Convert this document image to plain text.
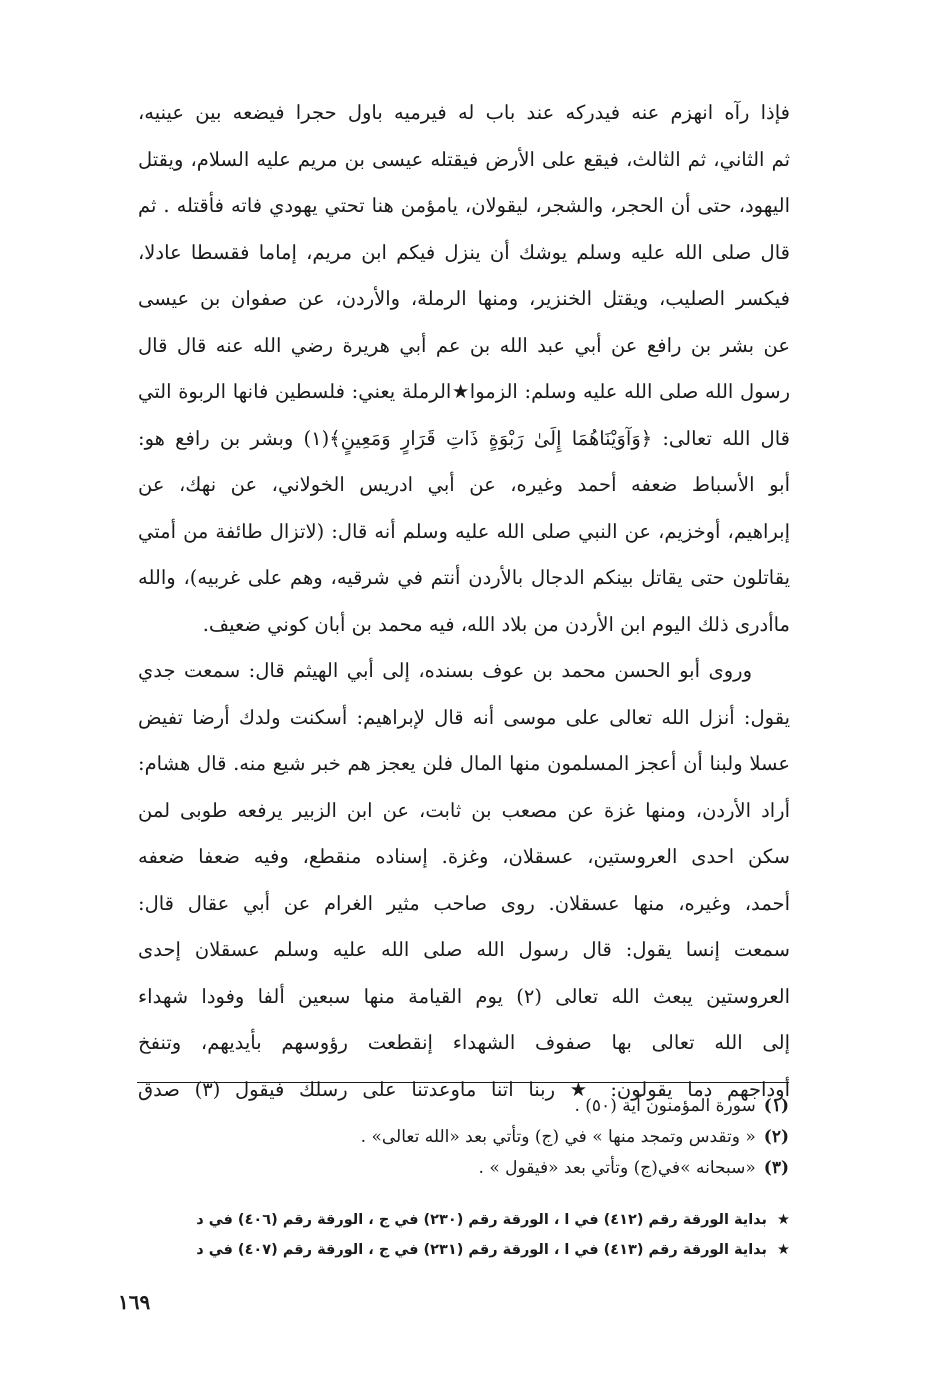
فإذا رآه انهزم عنه فيدركه عند باب له فيرميه باول حجرا فيضعه بين عينيه،
ثم الثاني، ثم الثالث، فيقع على الأرض فيقتله عيسى بن مريم عليه السلام، ويقتل
اليهود، حتى أن الحجر، والشجر، ليقولان، يامؤمن هنا تحتي يهودي فاته فأقتله . ثم
قال صلى الله عليه وسلم يوشك أن ينزل فيكم ابن مريم، إماما فقسطا عادلا،
فيكسر الصليب، ويقتل الخنزير، ومنها الرملة، والأردن، عن صفوان بن عيسى
عن بشر بن رافع عن أبي عبد الله بن عم أبي هريرة رضي الله عنه قال قال
رسول الله صلى الله عليه وسلم: الزموا★الرملة يعني: فلسطين فانها الربوة التي
قال الله تعالى: ﴿وَآوَيْنَاهُمَا إِلَىٰ رَبْوَةٍ ذَاتِ قَرَارٍ وَمَعِينٍ﴾(١) وبشر بن رافع هو:
أبو الأسباط ضعفه أحمد وغيره، عن أبي ادريس الخولاني، عن نهك، عن
إبراهيم، أوخزيم، عن النبي صلى الله عليه وسلم أنه قال: (لاتزال طائفة من أمتي
يقاتلون حتى يقاتل بينكم الدجال بالأردن أنتم في شرقيه، وهم على غربيه)، والله
ماأدرى ذلك اليوم ابن الأردن من بلاد الله، فيه محمد بن أبان كوني ضعيف.
وروى أبو الحسن محمد بن عوف بسنده، إلى أبي الهيثم قال: سمعت جدي
يقول: أنزل الله تعالى على موسى أنه قال لإبراهيم: أسكنت ولدك أرضا تفيض
عسلا ولبنا أن أعجز المسلمون منها المال فلن يعجز هم خبر شيع منه. قال هشام:
أراد الأردن، ومنها غزة عن مصعب بن ثابت، عن ابن الزبير يرفعه طوبى لمن
سكن احدى العروستين، عسقلان، وغزة. إسناده منقطع، وفيه ضعفا ضعفه
أحمد، وغيره، منها عسقلان. روى صاحب مثير الغرام عن أبي عقال قال:
سمعت إنسا يقول: قال رسول الله صلى الله عليه وسلم عسقلان إحدى
العروستين يبعث الله تعالى (٢) يوم القيامة منها سبعين ألفا وفودا شهداء
إلى الله تعالى بها صفوف الشهداء إنقطعت رؤوسهم بأيديهم، وتنفخ
أوداجهم دما يقولون: ★ ربنا اتنا ماوعدتنا على رسلك فيقول (٣) صدق
(١)سورة المؤمنون آية (٥٠) .
(٢)« وتقدس وتمجد منها » في (ج) وتأتي بعد «الله تعالى» .
(٣)«سبحانه »في(ج) وتأتي بعد «فيقول » .
★بداية الورقة رقم (٤١٢) في ا ، الورقة رقم (٢٣٠) في ج ، الورقة رقم (٤٠٦) في د
★بداية الورقة رقم (٤١٣) في ا ، الورقة رقم (٢٣١) في ج ، الورقة رقم (٤٠٧) في د
١٦٩
